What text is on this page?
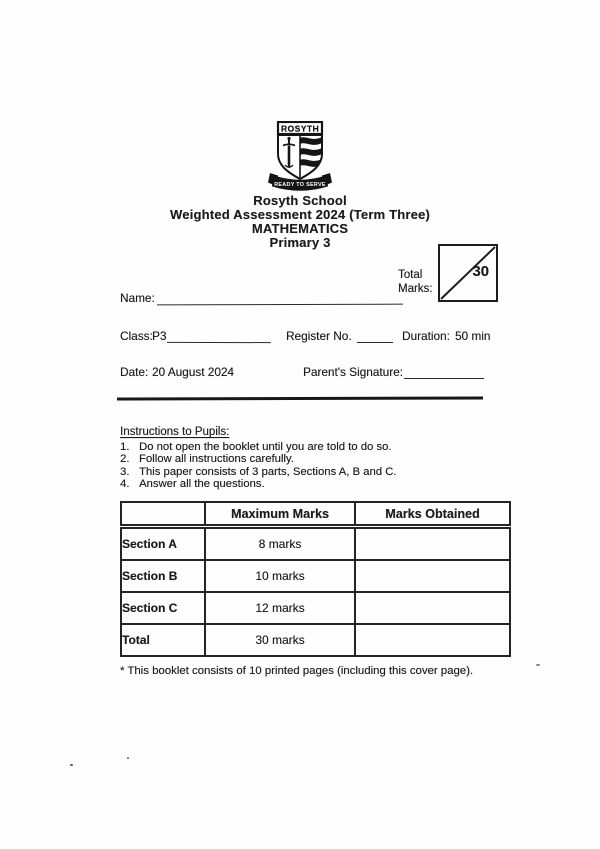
ROSYTH
READY TO SERVE
Rosyth School
Weighted Assessment 2024 (Term Three)
MATHEMATICS
Primary 3
Total
Marks:
30
Name:
Class: P3	Register No.	Duration: 50 min
Date: 20 August 2024	Parent's Signature:
Instructions to Pupils:
1. Do not open the booklet until you are told to do so.
2. Follow all instructions carefully.
3. This paper consists of 3 parts, Sections A, B and C.
4. Answer all the questions.
	Maximum Marks	Marks Obtained
Section A	8 marks	
Section B	10 marks	
Section C	12 marks	
Total	30 marks	
* This booklet consists of 10 printed pages (including this cover page).
